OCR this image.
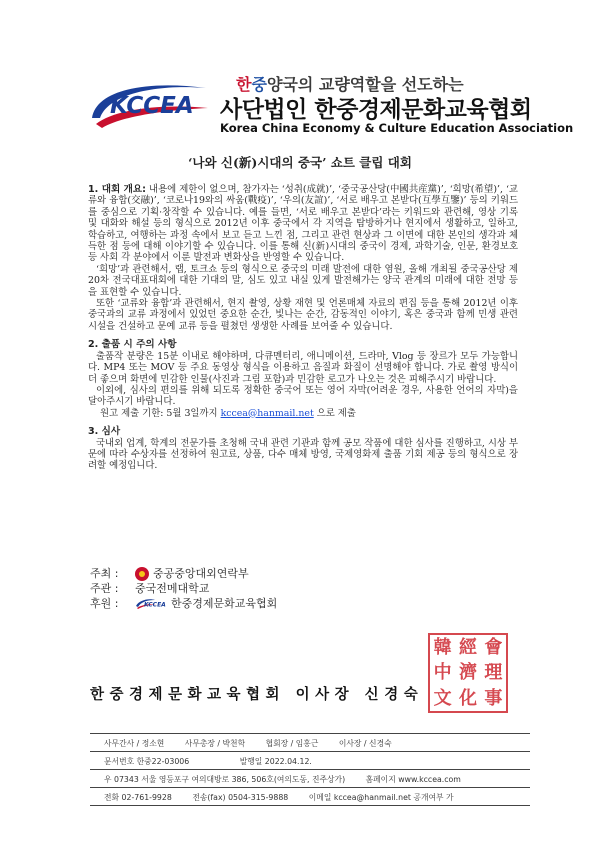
한중양국의 교량역할을 선도하는
KCCEA 사단법인 한중경제문화교육협회
Korea China Economy & Culture Education Association
‘나와 신(新)시대의 중국’ 쇼트 클립 대회

1. 대회 개요: 내용에 제한이 없으며, 참가자는 ‘성취(成就)’, ‘중국공산당(中國共産黨)’, ‘희망(希望)’, ‘교류와 융합(交融)’, ‘코로나19와의 싸움(戰疫)’, ‘우의(友誼)’, ‘서로 배우고 본받다(互學互鑒)’ 등의 키워드를 중심으로 기획·창작할 수 있습니다. 예를 들면, ‘서로 배우고 본받다’라는 키워드와 관련해, 영상 기록 및 대화와 해설 등의 형식으로 2012년 이후 중국에서 각 지역을 탐방하거나 현지에서 생활하고, 일하고, 학습하고, 여행하는 과정 속에서 보고 듣고 느낀 점, 그리고 관련 현상과 그 이면에 대한 본인의 생각과 체득한 점 등에 대해 이야기할 수 있습니다. 이를 통해 신(新)시대의 중국이 경제, 과학기술, 인문, 환경보호 등 사회 각 분야에서 이룬 발전과 변화상을 반영할 수 있습니다.

‘희망’과 관련해서, 랩, 토크쇼 등의 형식으로 중국의 미래 발전에 대한 염원, 올해 개최될 중국공산당 제20차 전국대표대회에 대한 기대의 말, 심도 있고 내실 있게 발전해가는 양국 관계의 미래에 대한 전망 등을 표현할 수 있습니다.

또한 ‘교류와 융합’과 관련해서, 현지 촬영, 상황 재현 및 언론매체 자료의 편집 등을 통해 2012년 이후 중국과의 교류 과정에서 있었던 중요한 순간, 빛나는 순간, 감동적인 이야기, 혹은 중국과 함께 민생 관련 시설을 건설하고 문예 교류 등을 펼쳤던 생생한 사례를 보여줄 수 있습니다.

2. 출품 시 주의 사항

출품작 분량은 15분 이내로 해야하며, 다큐멘터리, 애니메이션, 드라마, Vlog 등 장르가 모두 가능합니다. MP4 또는 MOV 등 주요 동영상 형식을 이용하고 음질과 화질이 선명해야 합니다. 가로 촬영 방식이 더 좋으며 화면에 민감한 인물(사진과 그림 포함)과 민감한 로고가 나오는 것은 피해주시기 바랍니다.

이외에, 심사의 편의를 위해 되도록 정확한 중국어 또는 영어 자막(어려운 경우, 사용한 언어의 자막)을 달아주시기 바랍니다.

원고 제출 기한: 5월 3일까지 kccea@hanmail.net 으로 제출

3. 심사

국내외 업계, 학계의 전문가를 초청해 국내 관련 기관과 함께 공모 작품에 대한 심사를 진행하고, 시상 부문에 따라 수상자를 선정하여 원고료, 상품, 다수 매체 방영, 국제영화제 출품 기회 제공 등의 형식으로 장려할 예정입니다.

주최 :	중공중앙대외연락부
주관 :	중국전메대학교
후원 :	KCCEA 한중경제문화교육협회
韓 經 會
中 濟 理
文 化 事
한중경제문화교육협회 이사장 신경숙
사무간사 / 정소현	사무총장 / 박천학	협회장 / 임홍근	이사장 / 신경숙
문서번호 한중22-03006	발행일 2022.04.12.
우 07343 서울 영등포구 여의대방로 386, 506호(여의도동, 진주상가)	홈페이지 www.kccea.com
전화 02-761-9928	전송(fax) 0504-315-9888	이메일 kccea@hanmail.net 공개여부 가
